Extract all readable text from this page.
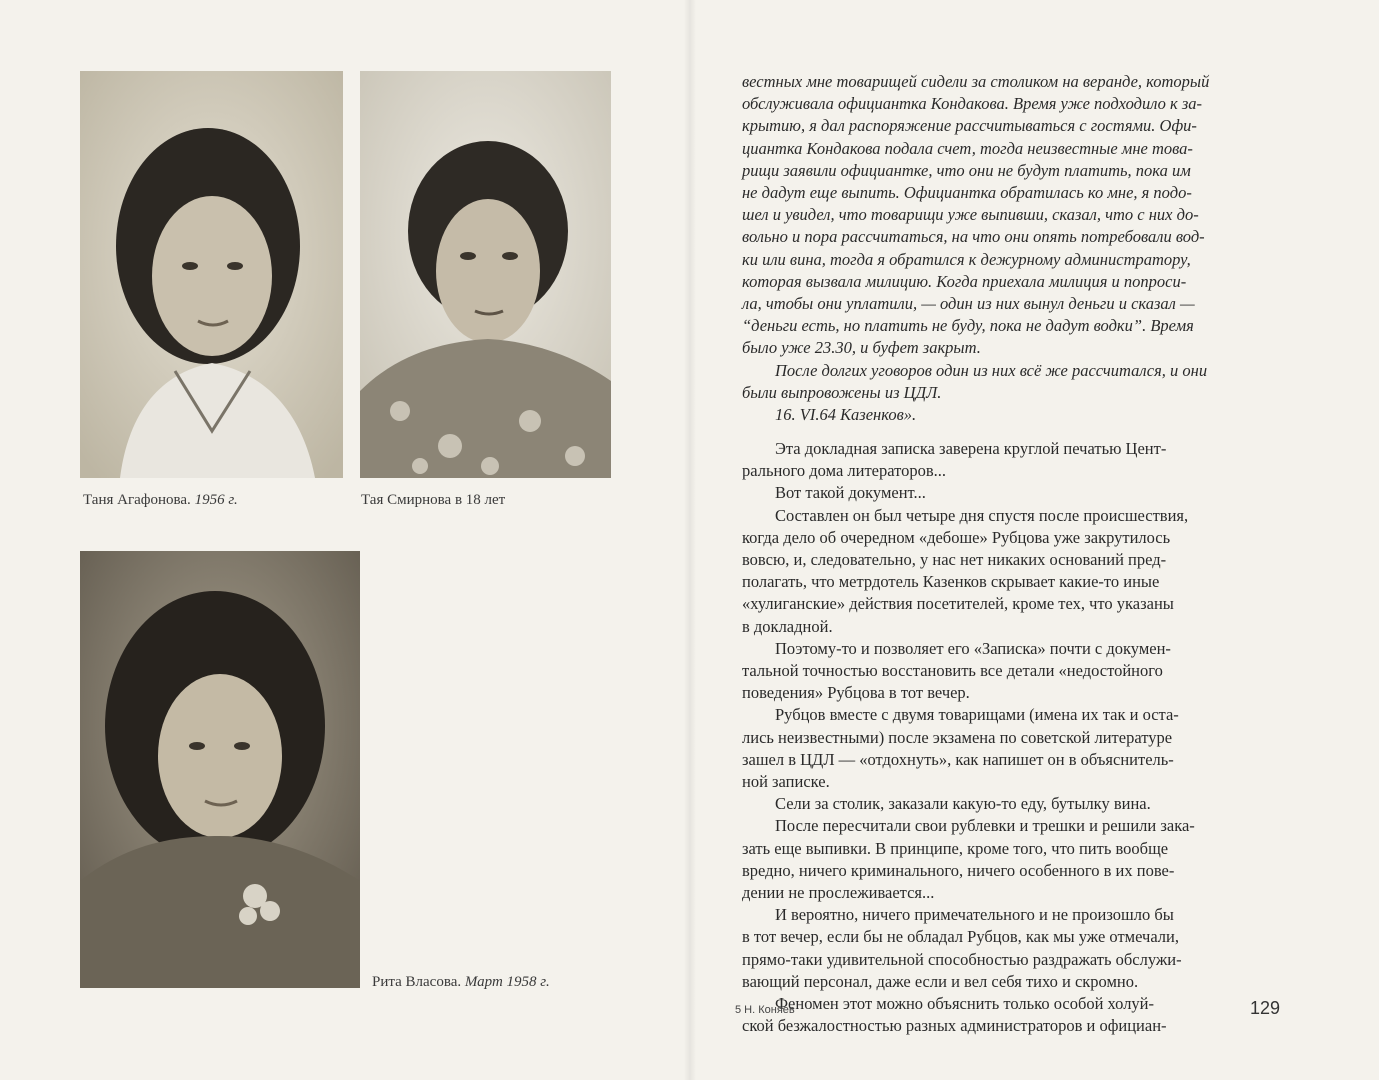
Таня Агафонова. 1956 г.	Тая Смирнова в 18 лет
Рита Власова. Март 1958 г.

вестных мне товарищей сидели за столиком на веранде, который

обслуживала официантка Кондакова. Время уже подходило к за-

крытию, я дал распоряжение рассчитываться с гостями. Офи-

циантка Кондакова подала счет, тогда неизвестные мне това-

рищи заявили официантке, что они не будут платить, пока им

не дадут еще выпить. Официантка обратилась ко мне, я подо-

шел и увидел, что товарищи уже выпивши, сказал, что с них до-

вольно и пора рассчитаться, на что они опять потребовали вод-

ки или вина, тогда я обратился к дежурному администратору,

которая вызвала милицию. Когда приехала милиция и попроси-

ла, чтобы они уплатили, — один из них вынул деньги и сказал —

“деньги есть, но платить не буду, пока не дадут водки”. Время

было уже 23.30, и буфет закрыт.

После долгих уговоров один из них всё же рассчитался, и они

были выпровожены из ЦДЛ.

16. VI.64 Казенков».

Эта докладная записка заверена круглой печатью Цент-

рального дома литераторов...

Вот такой документ...

Составлен он был четыре дня спустя после происшествия,

когда дело об очередном «дебоше» Рубцова уже закрутилось

вовсю, и, следовательно, у нас нет никаких оснований пред-

полагать, что метрдотель Казенков скрывает какие-то иные

«хулиганские» действия посетителей, кроме тех, что указаны

в докладной.

Поэтому-то и позволяет его «Записка» почти с докумен-

тальной точностью восстановить все детали «недостойного

поведения» Рубцова в тот вечер.

Рубцов вместе с двумя товарищами (имена их так и оста-

лись неизвестными) после экзамена по советской литературе

зашел в ЦДЛ — «отдохнуть», как напишет он в объяснитель-

ной записке.

Сели за столик, заказали какую-то еду, бутылку вина.

После пересчитали свои рублевки и трешки и решили зака-

зать еще выпивки. В принципе, кроме того, что пить вообще

вредно, ничего криминального, ничего особенного в их пове-

дении не прослеживается...

И вероятно, ничего примечательного и не произошло бы

в тот вечер, если бы не обладал Рубцов, как мы уже отмечали,

прямо-таки удивительной способностью раздражать обслужи-

вающий персонал, даже если и вел себя тихо и скромно.

Феномен этот можно объяснить только особой холуй-

ской безжалостностью разных администраторов и официан-

5 Н. Коняев	129
